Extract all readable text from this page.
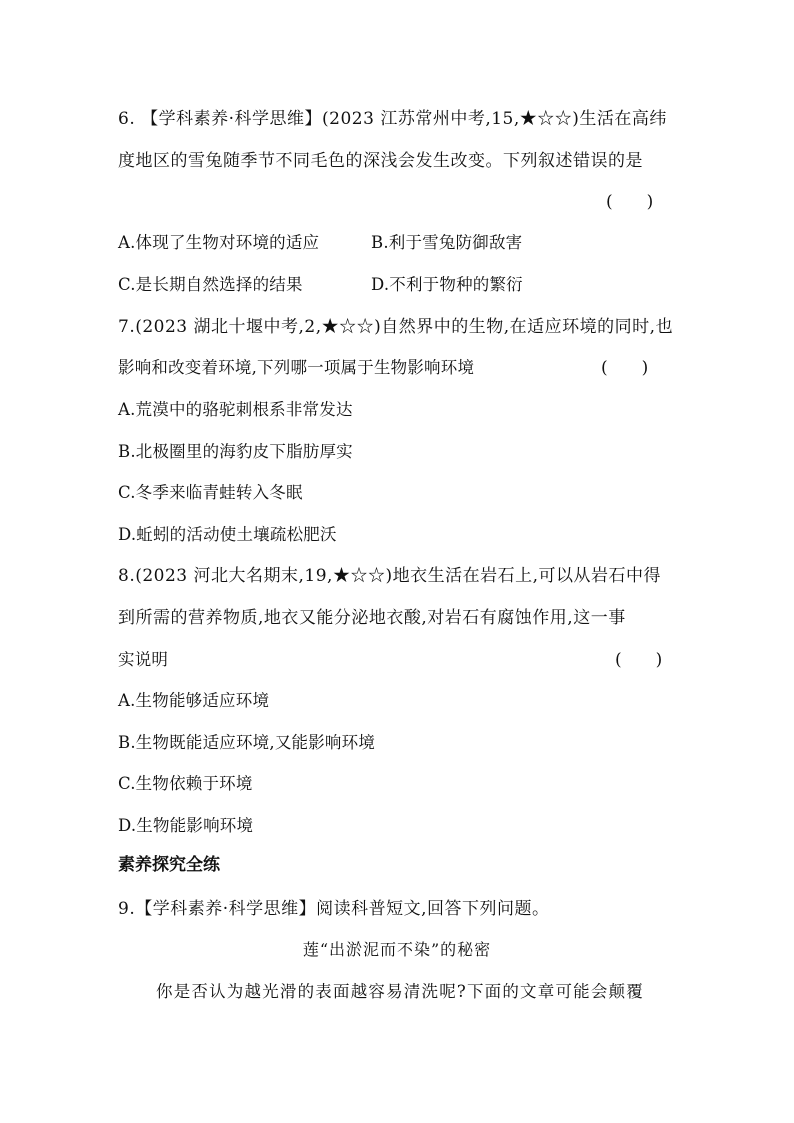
6. 【学科素养·科学思维】(2023 江苏常州中考,15,★☆☆)生活在高纬
度地区的雪兔随季节不同毛色的深浅会发生改变。下列叙述错误的是
(　　)
A.体现了生物对环境的适应	B.利于雪兔防御敌害
C.是长期自然选择的结果	D.不利于物种的繁衍
7.(2023 湖北十堰中考,2,★☆☆)自然界中的生物,在适应环境的同时,也
影响和改变着环境,下列哪一项属于生物影响环境	(　　)
A.荒漠中的骆驼刺根系非常发达
B.北极圈里的海豹皮下脂肪厚实
C.冬季来临青蛙转入冬眠
D.蚯蚓的活动使土壤疏松肥沃
8.(2023 河北大名期末,19,★☆☆)地衣生活在岩石上,可以从岩石中得
到所需的营养物质,地衣又能分泌地衣酸,对岩石有腐蚀作用,这一事
实说明	(　　)
A.生物能够适应环境
B.生物既能适应环境,又能影响环境
C.生物依赖于环境
D.生物能影响环境
素养探究全练
9.【学科素养·科学思维】阅读科普短文,回答下列问题。
莲“出淤泥而不染”的秘密
你是否认为越光滑的表面越容易清洗呢?下面的文章可能会颠覆
